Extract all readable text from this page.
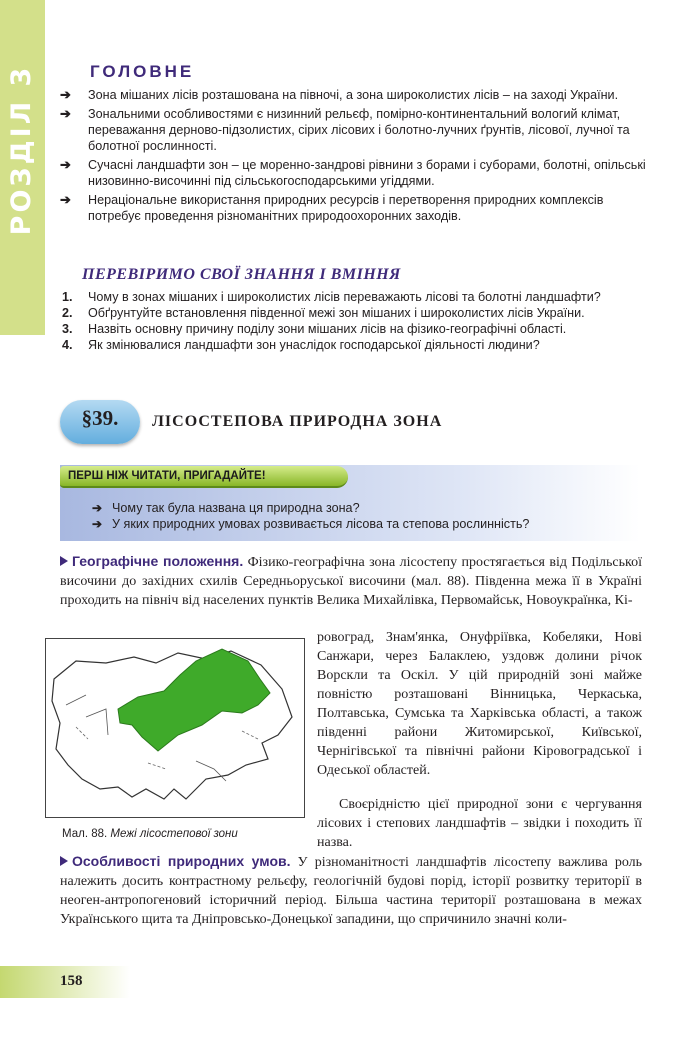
РОЗДІЛ 3	ГОЛОВНЕ
➔ Зона мішаних лісів розташована на півночі, а зона широколистих лісів – на заході України.
➔ Зональними особливостями є низинний рельєф, помірно-континентальний вологий клімат, переважання дерново-підзолистих, сірих лісових і болотно-лучних ґрунтів, лісової, лучної та болотної рослинності.
➔ Сучасні ландшафти зон – це моренно-зандрові рівнини з борами і суборами, болотні, опільські низовинно-височинні під сільськогосподарськими угіддями.
➔ Нераціональне використання природних ресурсів і перетворення природних комплексів потребує проведення різноманітних природоохоронних заходів.
ПЕРЕВІРИМО СВОЇ ЗНАННЯ І ВМІННЯ
1. Чому в зонах мішаних і широколистих лісів переважають лісові та болотні ландшафти?
2. Обґрунтуйте встановлення південної межі зон мішаних і широколистих лісів України.
3. Назвіть основну причину поділу зони мішаних лісів на фізико-географічні області.
4. Як змінювалися ландшафти зон унаслідок господарської діяльності людини?
§39.	ЛІСОСТЕПОВА ПРИРОДНА ЗОНА
ПЕРШ НІЖ ЧИТАТИ, ПРИГАДАЙТЕ!
➔ Чому так була названа ця природна зона?
➔ У яких природних умовах розвивається лісова та степова рослинність?

Географічне положення. Фізико-географічна зона лісостепу простягається від Подільської височини до західних схилів Середньоруської височини (мал. 88). Південна межа її в Україні проходить на північ від населених пунктів Велика Михайлівка, Первомайськ, Новоукраїнка, Кі-

Мал. 88. Межі лісостепової зони

ровоград, Знам'янка, Онуфріївка, Кобеляки, Нові Санжари, через Балаклею, уздовж долини річок Ворскли та Оскіл. У цій природній зоні майже повністю розташовані Вінницька, Черкаська, Полтавська, Сумська та Харківська області, а також південні райони Житомирської, Київської, Чернігівської та північні райони Кіровоградської і Одеської областей.

Своєрідністю цієї природної зони є чергування лісових і степових ландшафтів – звідки і походить її назва.

Особливості природних умов. У різноманітності ландшафтів лісостепу важлива роль належить досить контрастному рельєфу, геологічній будові порід, історії розвитку території в неоген-антропогеновий історичний період. Більша частина території розташована в межах Українського щита та Дніпровсько-Донецької западини, що спричинило значні коли-

158
